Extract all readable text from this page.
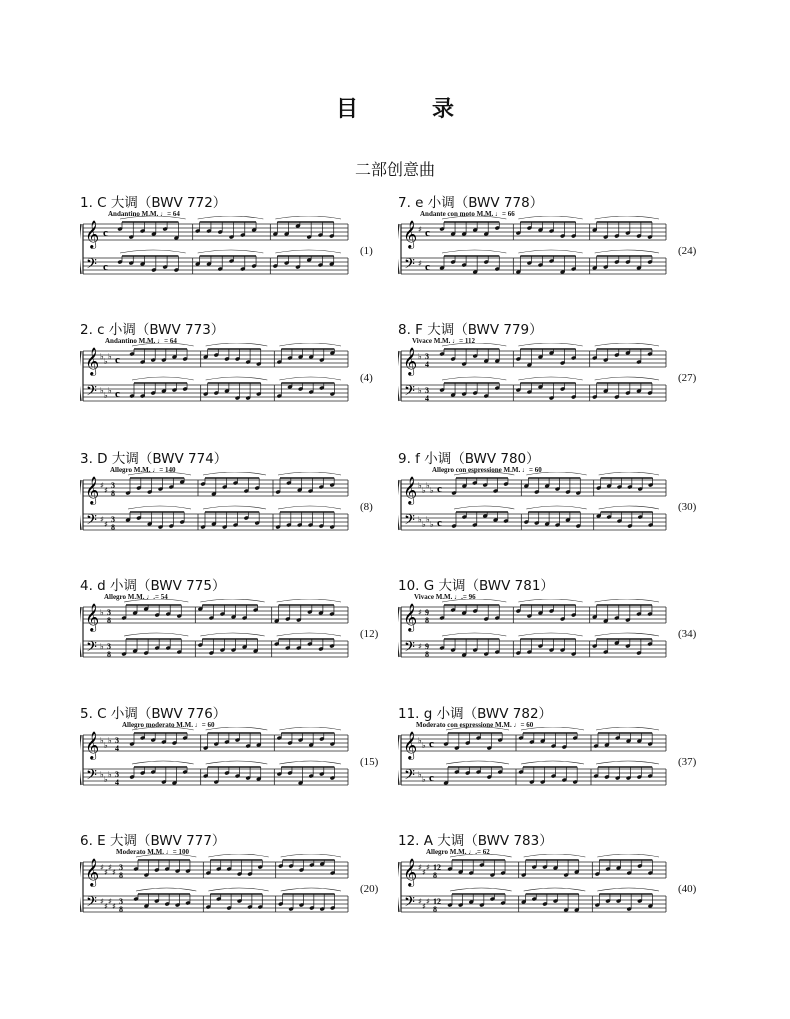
目　录
二部创意曲
1. C 大调（BWV 772）
Andantino M.M. ♩= 64
𝄞
𝄢
c
c
(1)
2. c 小调（BWV 773）
Andantino M.M. ♩= 64
𝄞
𝄢
♭
♭
♭
♭
♭
♭
c
c
(4)
3. D 大调（BWV 774）
Allegro M.M. ♩= 140
𝄞
𝄢
♯
♯
♯
♯
3
8
3
8
(8)
4. d 小调（BWV 775）
Allegro M.M. ♩.= 54
𝄞
𝄢
♭
♭
3
8
3
8
(12)
5. C 小调（BWV 776）
Allegro moderato M.M. ♩= 60
𝄞
𝄢
♭
♭
♭
♭
♭
♭
3
4
3
4
(15)
6. E 大调（BWV 777）
Moderato M.M. ♩= 100
𝄞
𝄢
♯
♯
♯
♯
♯
♯
♯
♯
3
8
3
8
(20)
7. e 小调（BWV 778）
Andante con moto M.M. ♩= 66
𝄞
𝄢
♯
♯
c
c
(24)
8. F 大调（BWV 779）
Vivace M.M. ♩= 112
𝄞
𝄢
♭
♭
3
4
3
4
(27)
9. f 小调（BWV 780）
Allegro con espressione M.M. ♩= 60
𝄞
𝄢
♭
♭
♭
♭
♭
♭
♭
♭
c
c
(30)
10. G 大调（BWV 781）
Vivace M.M. ♩.= 96
𝄞
𝄢
♯
♯
9
8
9
8
(34)
11. g 小调（BWV 782）
Moderato con espressione M.M. ♩= 60
𝄞
𝄢
♭
♭
♭
♭
c
c
(37)
12. A 大调（BWV 783）
Allegro M.M. ♩.= 62
𝄞
𝄢
♯
♯
♯
♯
♯
♯
12
8
12
8
(40)
